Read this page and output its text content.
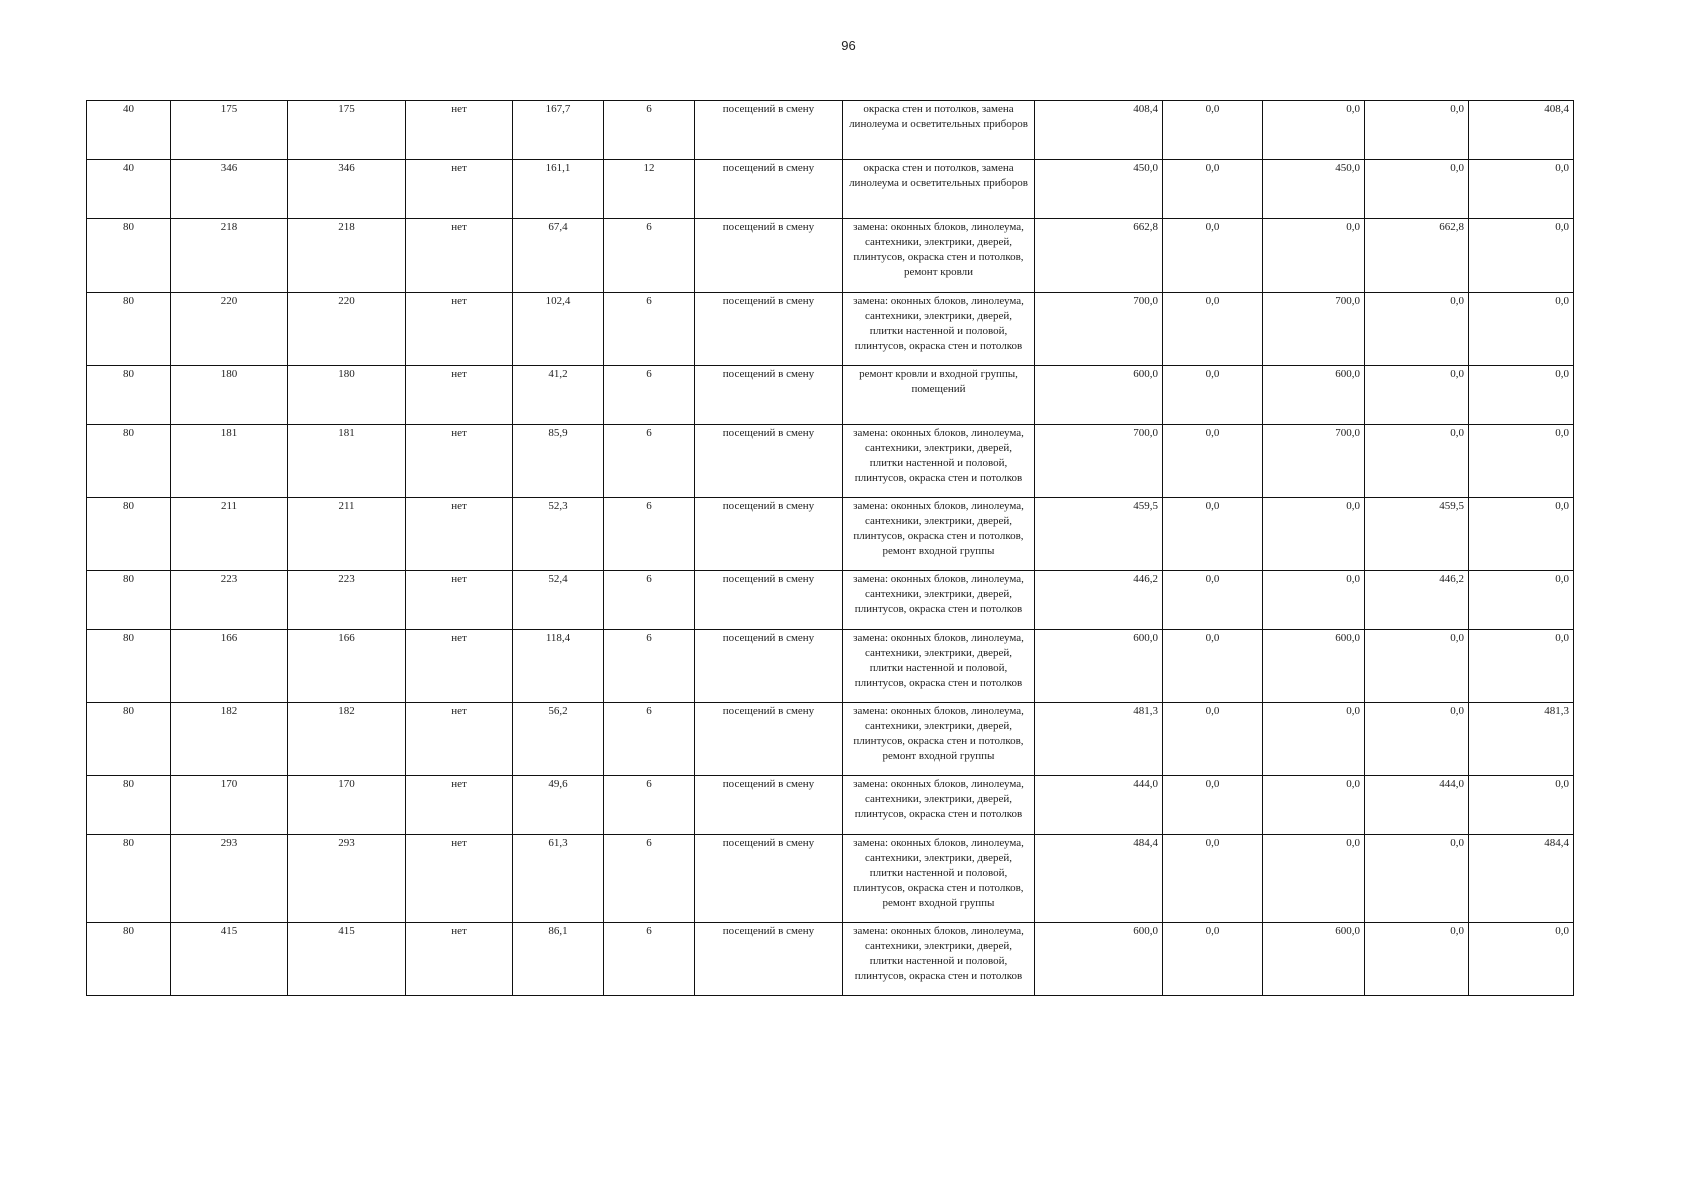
96
40	175	175	нет	167,7	6	посещений в смену	окраска стен и потолков, замена линолеума и осветительных приборов	408,4	0,0	0,0	0,0	408,4
40	346	346	нет	161,1	12	посещений в смену	окраска стен и потолков, замена линолеума и осветительных приборов	450,0	0,0	450,0	0,0	0,0
80	218	218	нет	67,4	6	посещений в смену	замена: оконных блоков, линолеума, сантехники, электрики, дверей, плинтусов, окраска стен и потолков, ремонт кровли	662,8	0,0	0,0	662,8	0,0
80	220	220	нет	102,4	6	посещений в смену	замена: оконных блоков, линолеума, сантехники, электрики, дверей, плитки настенной и половой, плинтусов, окраска стен и потолков	700,0	0,0	700,0	0,0	0,0
80	180	180	нет	41,2	6	посещений в смену	ремонт кровли и входной группы, помещений	600,0	0,0	600,0	0,0	0,0
80	181	181	нет	85,9	6	посещений в смену	замена: оконных блоков, линолеума, сантехники, электрики, дверей, плитки настенной и половой, плинтусов, окраска стен и потолков	700,0	0,0	700,0	0,0	0,0
80	211	211	нет	52,3	6	посещений в смену	замена: оконных блоков, линолеума, сантехники, электрики, дверей, плинтусов, окраска стен и потолков, ремонт входной группы	459,5	0,0	0,0	459,5	0,0
80	223	223	нет	52,4	6	посещений в смену	замена: оконных блоков, линолеума, сантехники, электрики, дверей, плинтусов, окраска стен и потолков	446,2	0,0	0,0	446,2	0,0
80	166	166	нет	118,4	6	посещений в смену	замена: оконных блоков, линолеума, сантехники, электрики, дверей, плитки настенной и половой, плинтусов, окраска стен и потолков	600,0	0,0	600,0	0,0	0,0
80	182	182	нет	56,2	6	посещений в смену	замена: оконных блоков, линолеума, сантехники, электрики, дверей, плинтусов, окраска стен и потолков, ремонт входной группы	481,3	0,0	0,0	0,0	481,3
80	170	170	нет	49,6	6	посещений в смену	замена: оконных блоков, линолеума, сантехники, электрики, дверей, плинтусов, окраска стен и потолков	444,0	0,0	0,0	444,0	0,0
80	293	293	нет	61,3	6	посещений в смену	замена: оконных блоков, линолеума, сантехники, электрики, дверей, плитки настенной и половой, плинтусов, окраска стен и потолков, ремонт входной группы	484,4	0,0	0,0	0,0	484,4
80	415	415	нет	86,1	6	посещений в смену	замена: оконных блоков, линолеума, сантехники, электрики, дверей, плитки настенной и половой, плинтусов, окраска стен и потолков	600,0	0,0	600,0	0,0	0,0
